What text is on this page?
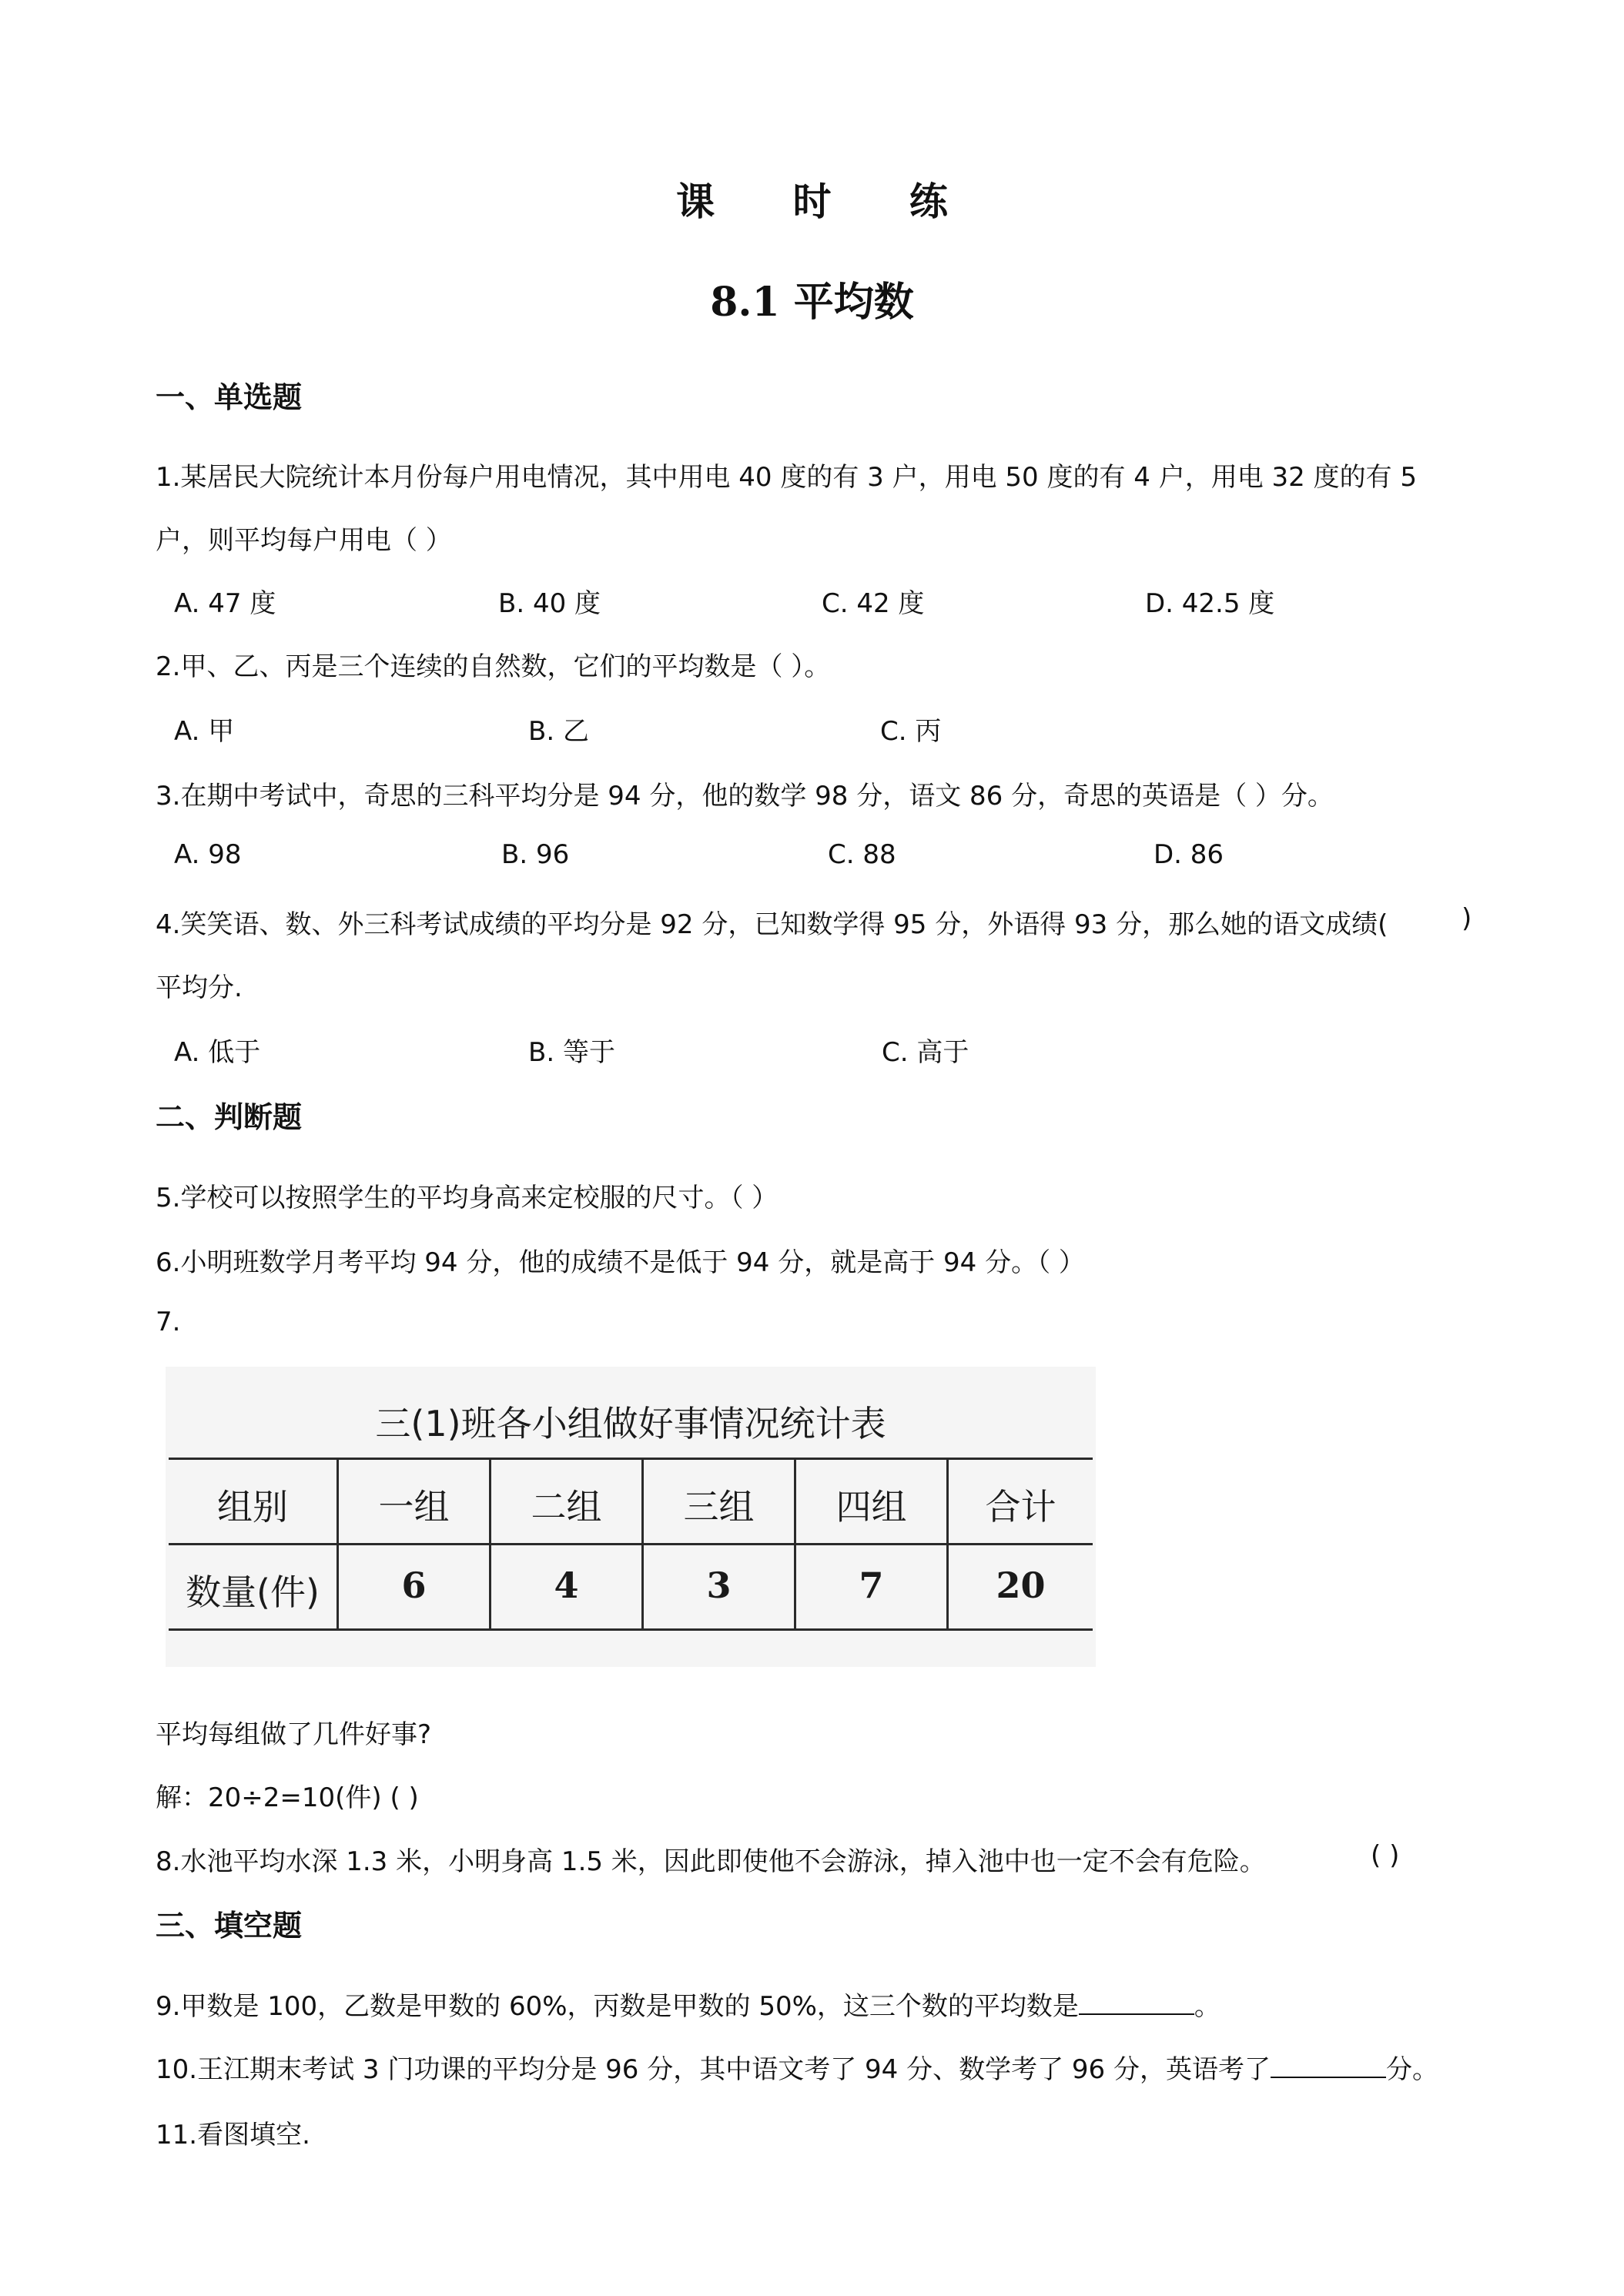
课 时 练
8.1 平均数
一、单选题
1.某居民大院统计本月份每户用电情况，其中用电 40 度的有 3 户，用电 50 度的有 4 户，用电 32 度的有 5
户，则平均每户用电（ ）
A. 47 度	B. 40 度	C. 42 度	D. 42.5 度
2.甲、乙、丙是三个连续的自然数，它们的平均数是（ ）。
A. 甲	B. 乙	C. 丙
3.在期中考试中，奇思的三科平均分是 94 分，他的数学 98 分，语文 86 分，奇思的英语是（ ）分。
A. 98	B. 96	C. 88	D. 86
4.笑笑语、数、外三科考试成绩的平均分是 92 分，已知数学得 95 分，外语得 93 分，那么她的语文成绩(	)
平均分.
A. 低于	B. 等于	C. 高于
二、判断题
5.学校可以按照学生的平均身高来定校服的尺寸。（ ）
6.小明班数学月考平均 94 分，他的成绩不是低于 94 分，就是高于 94 分。（ ）
7.
三(1)班各小组做好事情况统计表
组别	一组	二组	三组	四组	合计
数量(件)	6	4	3	7	20
平均每组做了几件好事?
解：20÷2=10(件) ( )
8.水池平均水深 1.3 米，小明身高 1.5 米，因此即使他不会游泳，掉入池中也一定不会有危险。	( )
三、填空题
9.甲数是 100，乙数是甲数的 60%，丙数是甲数的 50%，这三个数的平均数是	。
10.王江期末考试 3 门功课的平均分是 96 分，其中语文考了 94 分、数学考了 96 分，英语考了	分。
11.看图填空.
